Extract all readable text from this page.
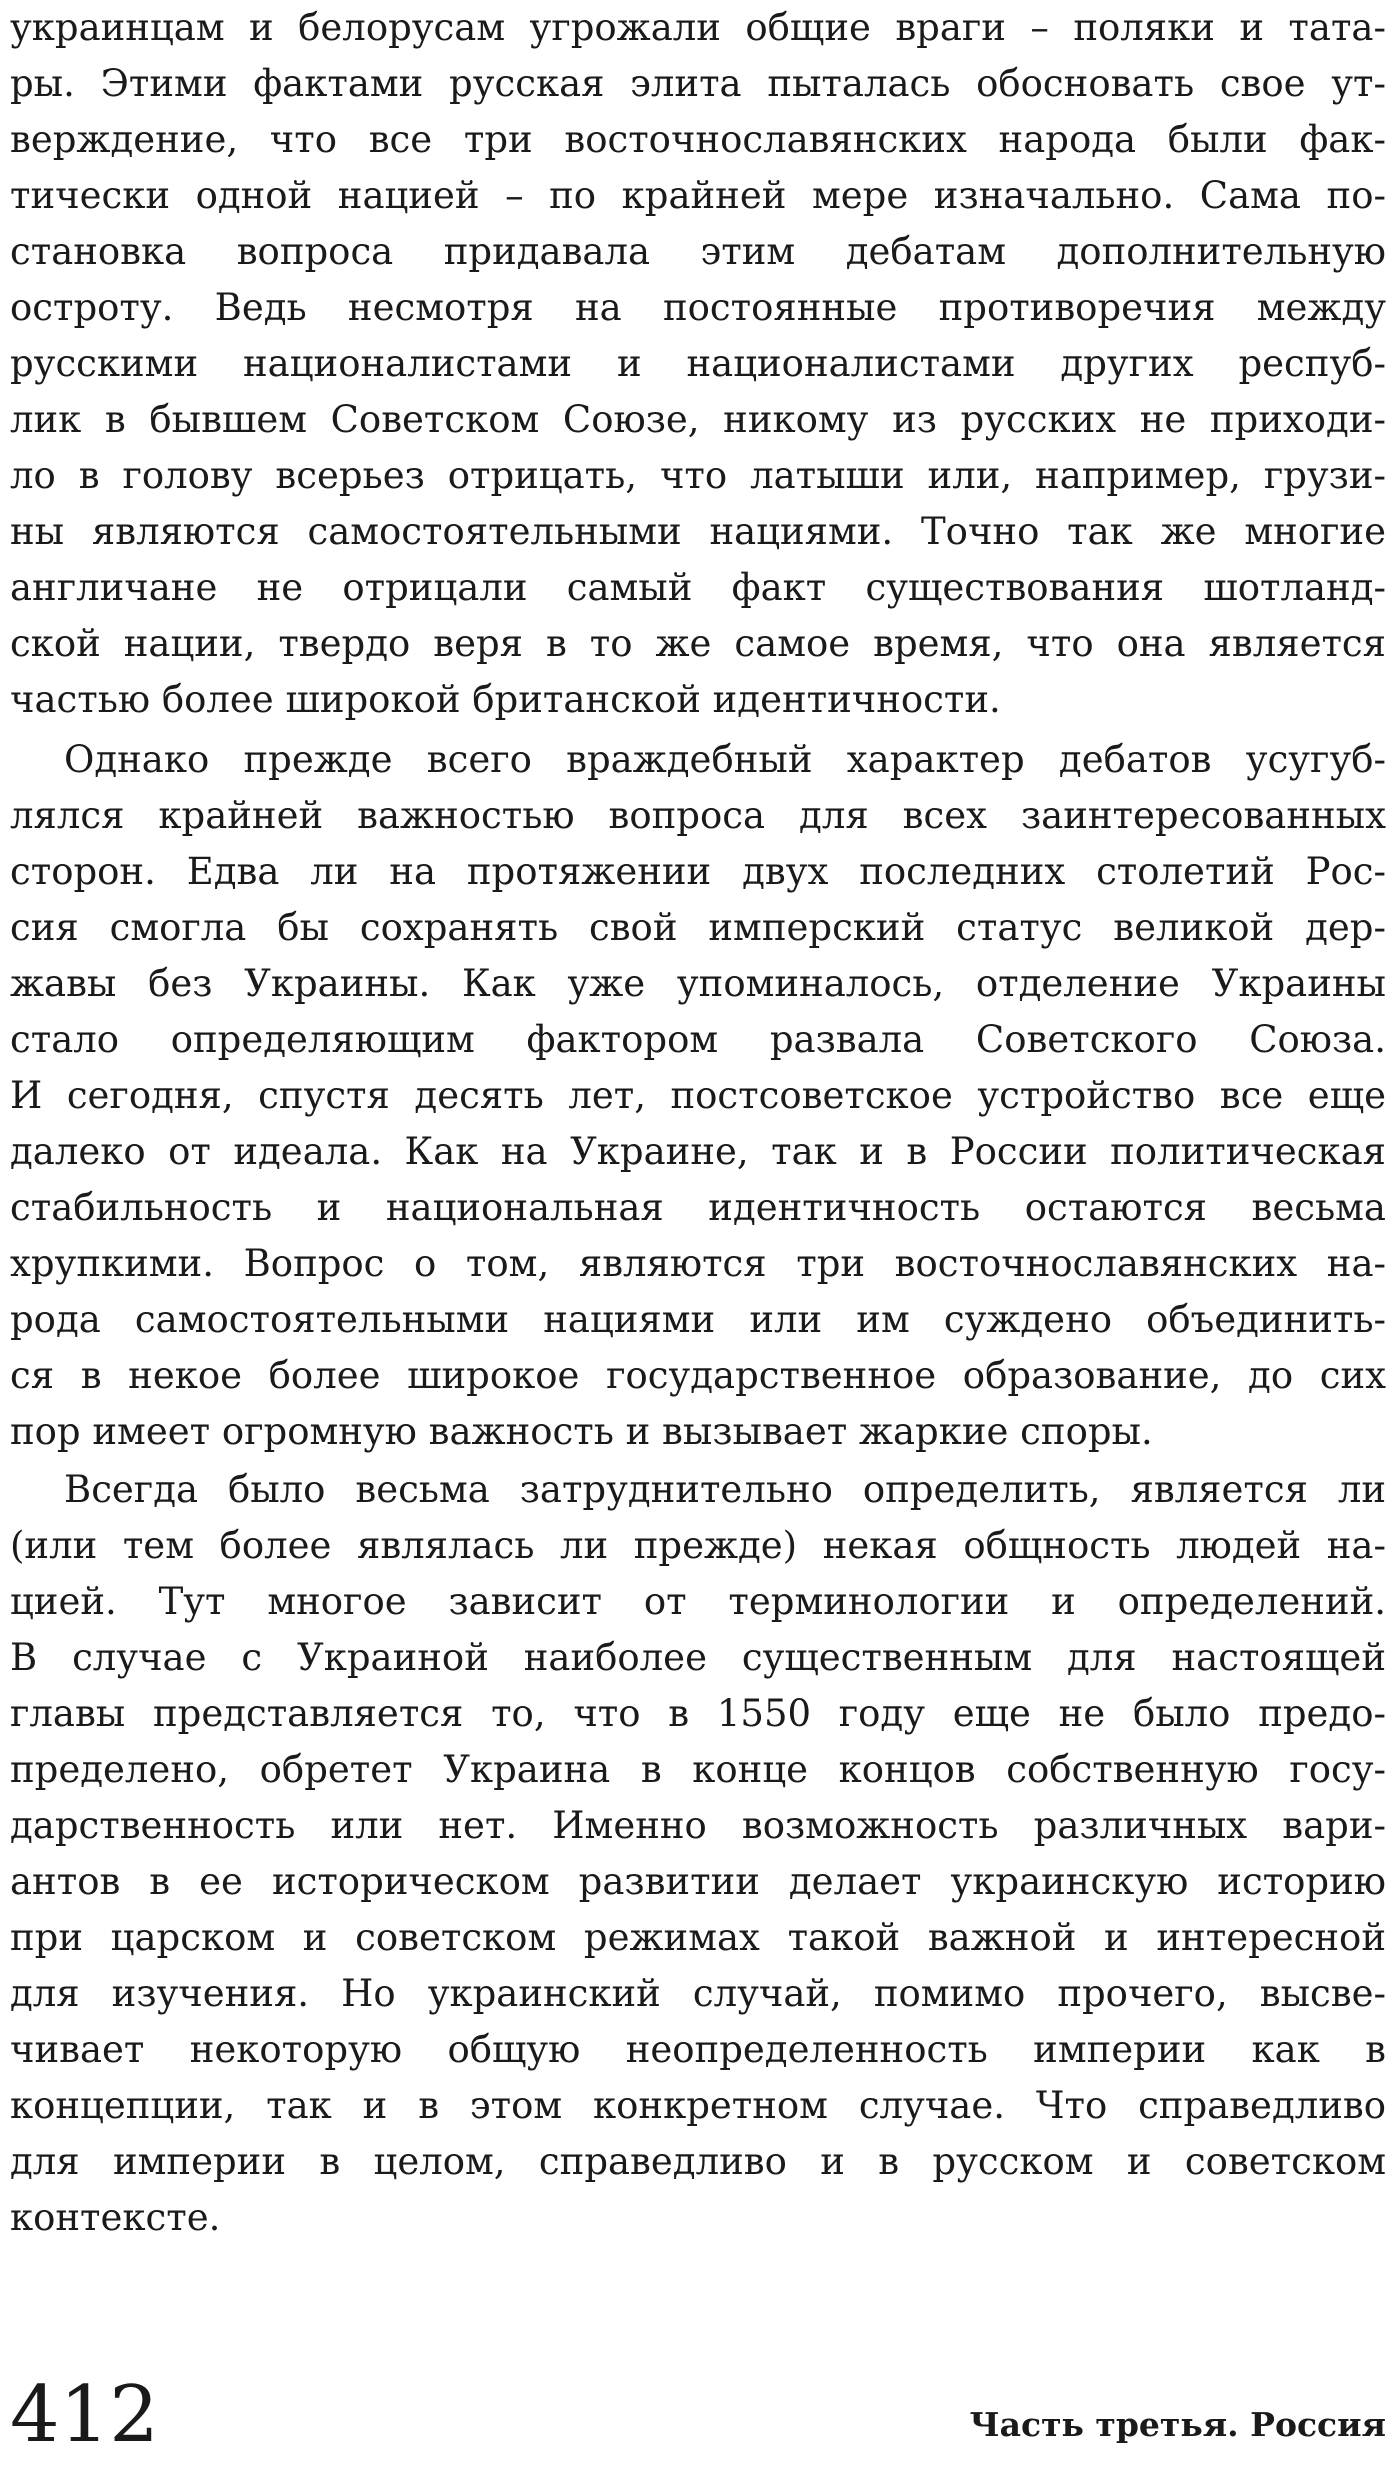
украинцам и белорусам угрожали общие враги – поляки и тата-
ры. Этими фактами русская элита пыталась обосновать свое ут-
верждение, что все три восточнославянских народа были фак-
тически одной нацией – по крайней мере изначально. Сама по-
становка вопроса придавала этим дебатам дополнительную
остроту. Ведь несмотря на постоянные противоречия между
русскими националистами и националистами других респуб-
лик в бывшем Советском Союзе, никому из русских не приходи-
ло в голову всерьез отрицать, что латыши или, например, грузи-
ны являются самостоятельными нациями. Точно так же многие
англичане не отрицали самый факт существования шотланд-
ской нации, твердо веря в то же самое время, что она является
частью более широкой британской идентичности.
Однако прежде всего враждебный характер дебатов усугуб-
лялся крайней важностью вопроса для всех заинтересованных
сторон. Едва ли на протяжении двух последних столетий Рос-
сия смогла бы сохранять свой имперский статус великой дер-
жавы без Украины. Как уже упоминалось, отделение Украины
стало определяющим фактором развала Советского Союза.
И сегодня, спустя десять лет, постсоветское устройство все еще
далеко от идеала. Как на Украине, так и в России политическая
стабильность и национальная идентичность остаются весьма
хрупкими. Вопрос о том, являются три восточнославянских на-
рода самостоятельными нациями или им суждено объединить-
ся в некое более широкое государственное образование, до сих
пор имеет огромную важность и вызывает жаркие споры.
Всегда было весьма затруднительно определить, является ли
(или тем более являлась ли прежде) некая общность людей на-
цией. Тут многое зависит от терминологии и определений.
В случае с Украиной наиболее существенным для настоящей
главы представляется то, что в 1550 году еще не было предо-
пределено, обретет Украина в конце концов собственную госу-
дарственность или нет. Именно возможность различных вари-
антов в ее историческом развитии делает украинскую историю
при царском и советском режимах такой важной и интересной
для изучения. Но украинский случай, помимо прочего, высве-
чивает некоторую общую неопределенность империи как в
концепции, так и в этом конкретном случае. Что справедливо
для империи в целом, справедливо и в русском и советском
контексте.
412	Часть третья. Россия
